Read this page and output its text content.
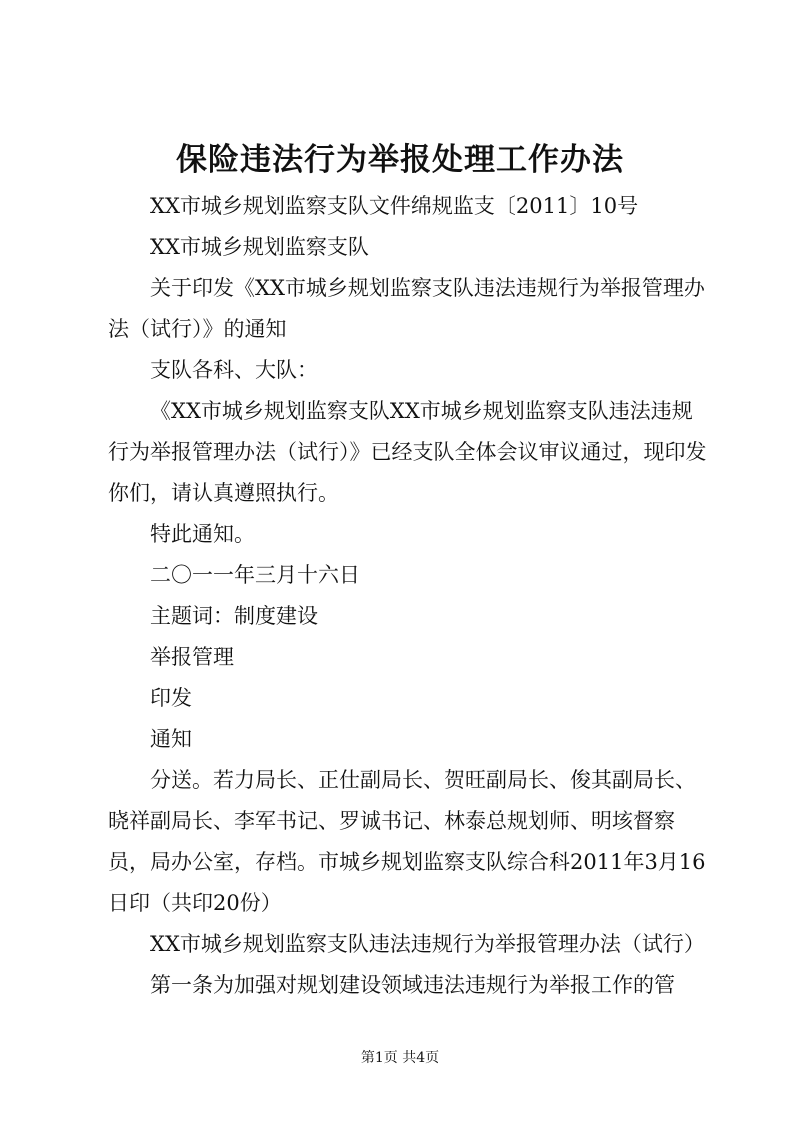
保险违法行为举报处理工作办法

XX市城乡规划监察支队文件绵规监支〔2011〕10号

XX市城乡规划监察支队

关于印发《XX市城乡规划监察支队违法违规行为举报管理办法（试行）》的通知

支队各科、大队：

《XX市城乡规划监察支队XX市城乡规划监察支队违法违规行为举报管理办法（试行）》已经支队全体会议审议通过，现印发你们，请认真遵照执行。

特此通知。

二〇一一年三月十六日

主题词：制度建设

举报管理

印发

通知

分送。若力局长、正仕副局长、贺旺副局长、俊其副局长、晓祥副局长、李军书记、罗诚书记、林泰总规划师、明垓督察员，局办公室，存档。市城乡规划监察支队综合科2011年3月16日印（共印20份）

XX市城乡规划监察支队违法违规行为举报管理办法（试行）

第一条为加强对规划建设领域违法违规行为举报工作的管

第1页 共4页
